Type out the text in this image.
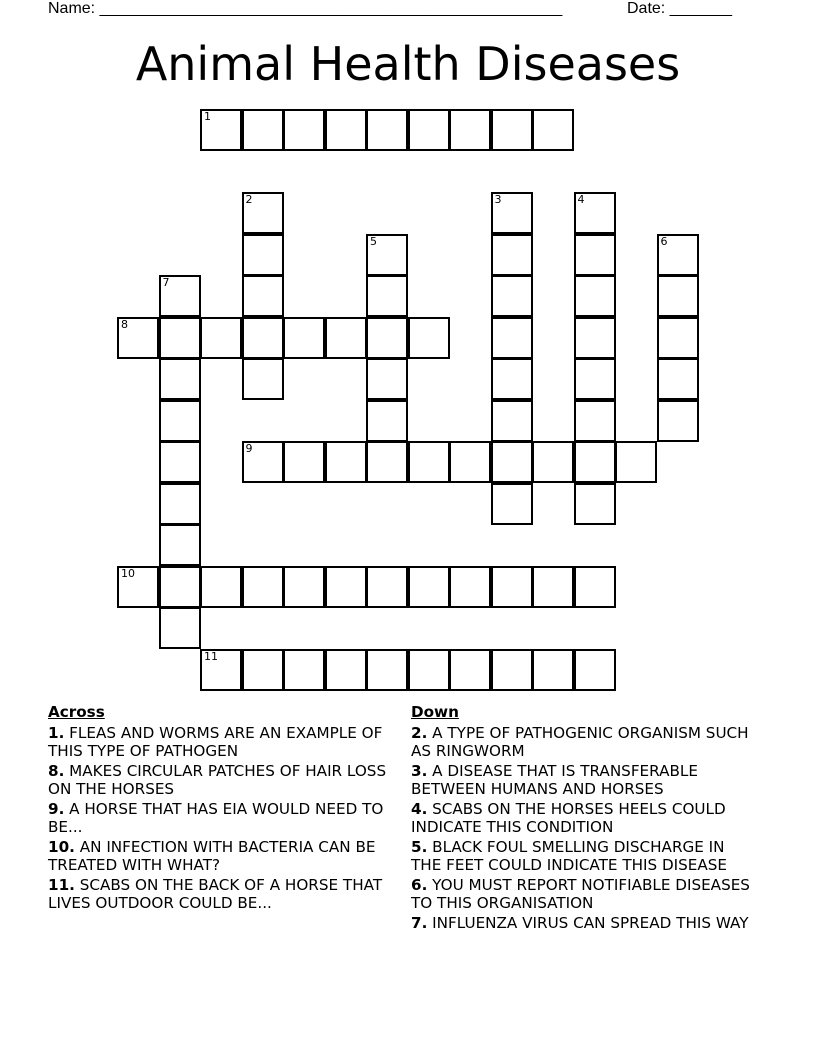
Name: ____________________________________________________	Date: _______
Animal Health Diseases
1
2	3	4
5	6
7
8
9
10
11
Across
1. FLEAS AND WORMS ARE AN EXAMPLE OF THIS TYPE OF PATHOGEN
8. MAKES CIRCULAR PATCHES OF HAIR LOSS ON THE HORSES
9. A HORSE THAT HAS EIA WOULD NEED TO BE...
10. AN INFECTION WITH BACTERIA CAN BE TREATED WITH WHAT?
11. SCABS ON THE BACK OF A HORSE THAT LIVES OUTDOOR COULD BE...
Down
2. A TYPE OF PATHOGENIC ORGANISM SUCH AS RINGWORM
3. A DISEASE THAT IS TRANSFERABLE BETWEEN HUMANS AND HORSES
4. SCABS ON THE HORSES HEELS COULD INDICATE THIS CONDITION
5. BLACK FOUL SMELLING DISCHARGE IN THE FEET COULD INDICATE THIS DISEASE
6. YOU MUST REPORT NOTIFIABLE DISEASES TO THIS ORGANISATION
7. INFLUENZA VIRUS CAN SPREAD THIS WAY
